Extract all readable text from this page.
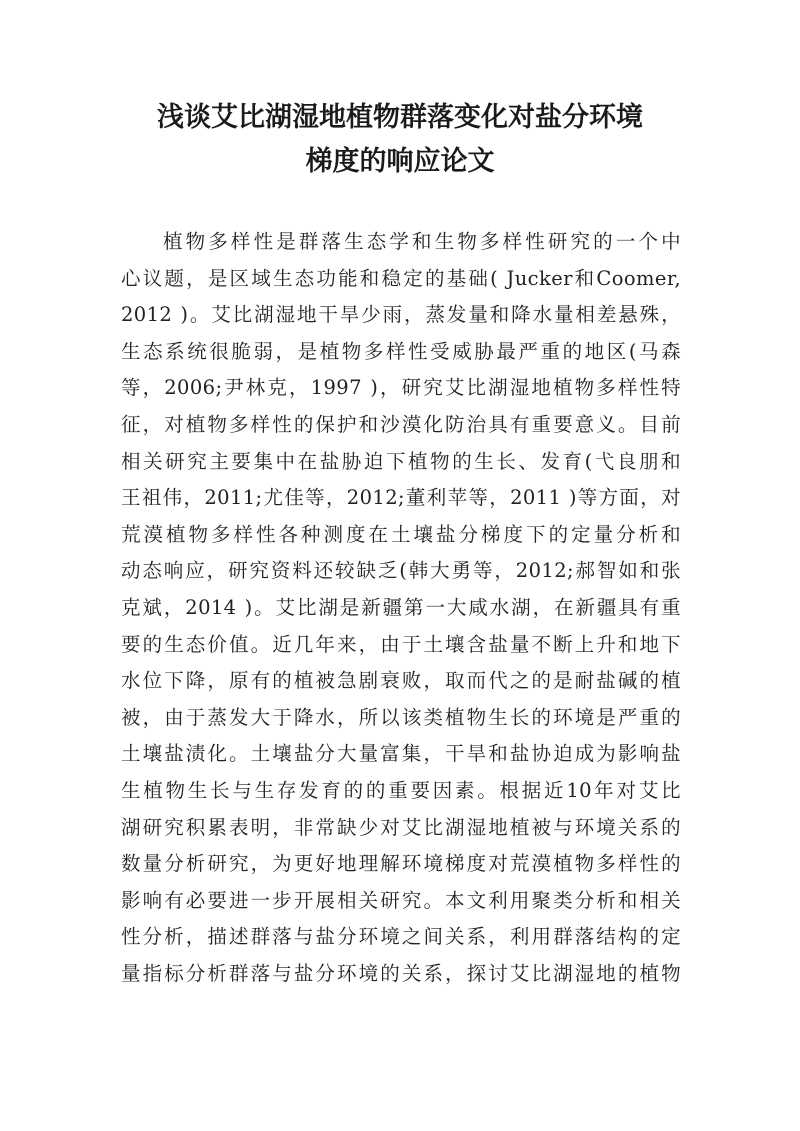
浅谈艾比湖湿地植物群落变化对盐分环境
梯度的响应论文
植物多样性是群落生态学和生物多样性研究的一个中
心议题，是区域生态功能和稳定的基础( Jucker和Coomer,
2012 )。艾比湖湿地干旱少雨，蒸发量和降水量相差悬殊，
生态系统很脆弱，是植物多样性受威胁最严重的地区(马森
等，2006;尹林克，1997 )，研究艾比湖湿地植物多样性特
征，对植物多样性的保护和沙漠化防治具有重要意义。目前
相关研究主要集中在盐胁迫下植物的生长、发育(弋良朋和
王祖伟，2011;尤佳等，2012;董利苹等，2011 )等方面，对
荒漠植物多样性各种测度在土壤盐分梯度下的定量分析和
动态响应，研究资料还较缺乏(韩大勇等，2012;郝智如和张
克斌，2014 )。艾比湖是新疆第一大咸水湖，在新疆具有重
要的生态价值。近几年来，由于土壤含盐量不断上升和地下
水位下降，原有的植被急剧衰败，取而代之的是耐盐碱的植
被，由于蒸发大于降水，所以该类植物生长的环境是严重的
土壤盐渍化。土壤盐分大量富集，干旱和盐协迫成为影响盐
生植物生长与生存发育的的重要因素。根据近10年对艾比
湖研究积累表明，非常缺少对艾比湖湿地植被与环境关系的
数量分析研究，为更好地理解环境梯度对荒漠植物多样性的
影响有必要进一步开展相关研究。本文利用聚类分析和相关
性分析，描述群落与盐分环境之间关系，利用群落结构的定
量指标分析群落与盐分环境的关系，探讨艾比湖湿地的植物
